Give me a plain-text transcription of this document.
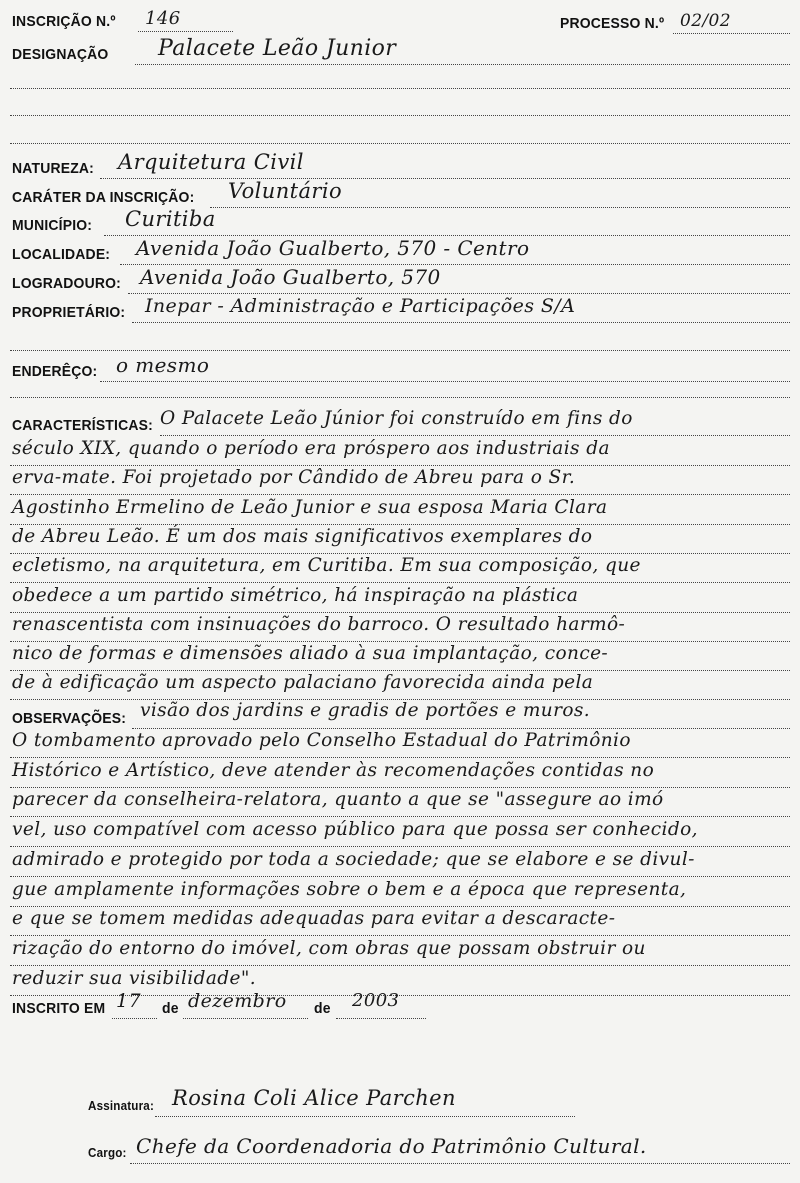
INSCRIÇÃO N.º 146	PROCESSO N.º 02/02
DESIGNAÇÃO Palacete Leão Junior
NATUREZA: Arquitetura Civil
CARÁTER DA INSCRIÇÃO: Voluntário
MUNICÍPIO: Curitiba
LOCALIDADE: Avenida João Gualberto, 570 - Centro
LOGRADOURO: Avenida João Gualberto, 570
PROPRIETÁRIO: Inepar - Administração e Participações S/A
ENDERÊÇO: o mesmo
CARACTERÍSTICAS: O Palacete Leão Júnior foi construído em fins do
século XIX, quando o período era próspero aos industriais da
erva-mate. Foi projetado por Cândido de Abreu para o Sr.
Agostinho Ermelino de Leão Junior e sua esposa Maria Clara
de Abreu Leão. É um dos mais significativos exemplares do
ecletismo, na arquitetura, em Curitiba. Em sua composição, que
obedece a um partido simétrico, há inspiração na plástica
renascentista com insinuações do barroco. O resultado harmô-
nico de formas e dimensões aliado à sua implantação, conce-
de à edificação um aspecto palaciano favorecida ainda pela
OBSERVAÇÕES: visão dos jardins e gradis de portões e muros.
O tombamento aprovado pelo Conselho Estadual do Patrimônio
Histórico e Artístico, deve atender às recomendações contidas no
parecer da conselheira-relatora, quanto a que se "assegure ao imó
vel, uso compatível com acesso público para que possa ser conhecido,
admirado e protegido por toda a sociedade; que se elabore e se divul-
gue amplamente informações sobre o bem e a época que representa,
e que se tomem medidas adequadas para evitar a descaracte-
rização do entorno do imóvel, com obras que possam obstruir ou
reduzir sua visibilidade".
INSCRITO EM 17 de dezembro de 2003
Assinatura: Rosina Coli Alice Parchen
Cargo: Chefe da Coordenadoria do Patrimônio Cultural.
